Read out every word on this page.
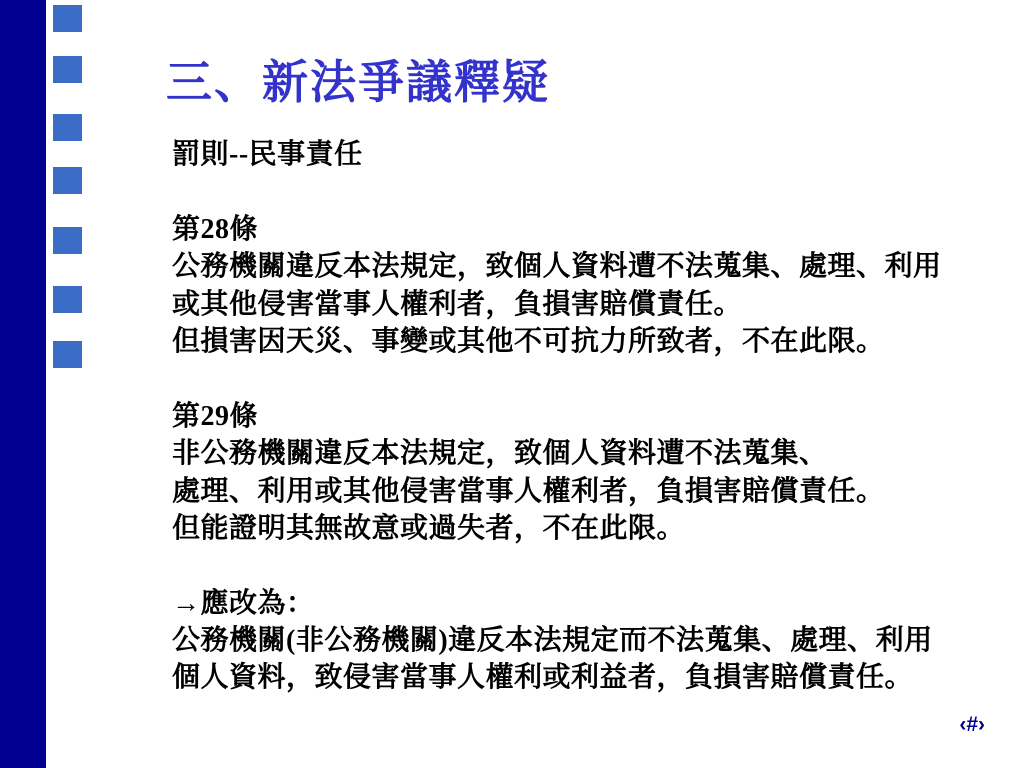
三、新法爭議釋疑
罰則--民事責任
第28條
公務機關違反本法規定，致個人資料遭不法蒐集、處理、利用
或其他侵害當事人權利者，負損害賠償責任。
但損害因天災、事變或其他不可抗力所致者，不在此限。
第29條
非公務機關違反本法規定，致個人資料遭不法蒐集、
處理、利用或其他侵害當事人權利者，負損害賠償責任。
但能證明其無故意或過失者，不在此限。
→應改為：
公務機關(非公務機關)違反本法規定而不法蒐集、處理、利用
個人資料，致侵害當事人權利或利益者，負損害賠償責任。
‹#›
